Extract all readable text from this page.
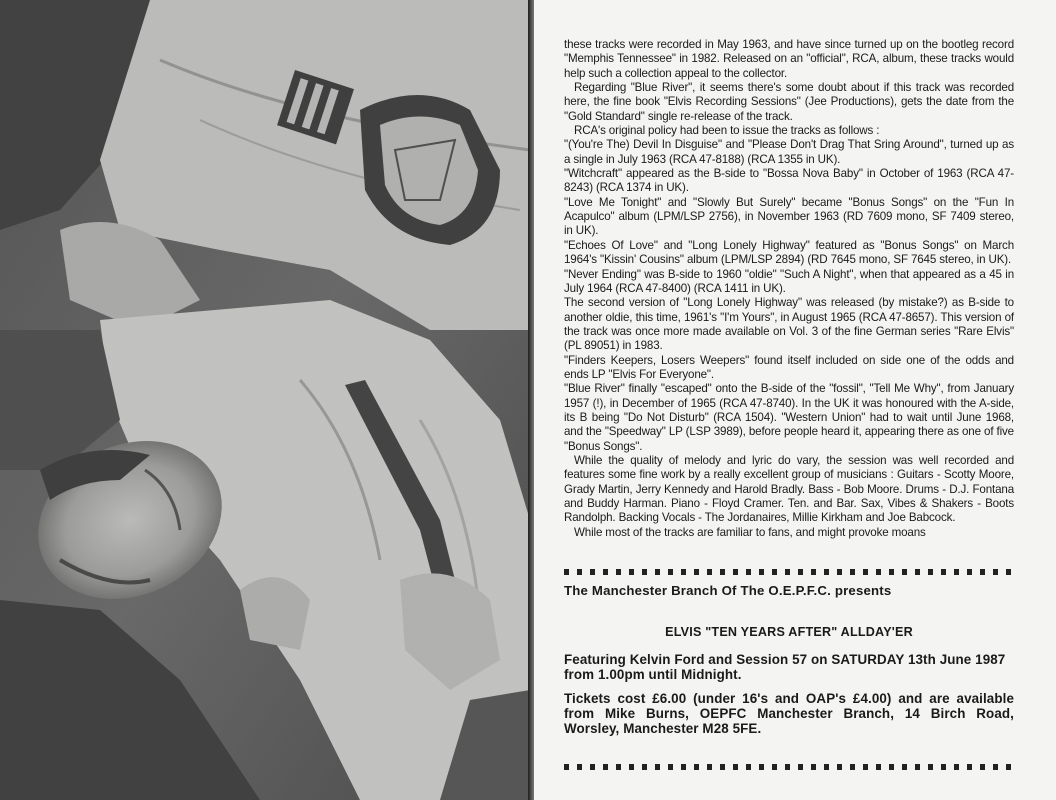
these tracks were recorded in May 1963, and have since turned up on the bootleg record "Memphis Tennessee" in 1982. Released on an "official", RCA, album, these tracks would help such a collection appeal to the collector.

Regarding "Blue River", it seems there's some doubt about if this track was recorded here, the fine book "Elvis Recording Sessions" (Jee Productions), gets the date from the "Gold Standard" single re-release of the track.

RCA's original policy had been to issue the tracks as follows :

"(You're The) Devil In Disguise" and "Please Don't Drag That Sring Around", turned up as a single in July 1963 (RCA 47-8188) (RCA 1355 in UK).

"Witchcraft" appeared as the B-side to "Bossa Nova Baby" in October of 1963 (RCA 47-8243) (RCA 1374 in UK).

"Love Me Tonight" and "Slowly But Surely" became "Bonus Songs" on the "Fun In Acapulco" album (LPM/LSP 2756), in November 1963 (RD 7609 mono, SF 7409 stereo, in UK).

"Echoes Of Love" and "Long Lonely Highway" featured as "Bonus Songs" on March 1964's "Kissin' Cousins" album (LPM/LSP 2894) (RD 7645 mono, SF 7645 stereo, in UK).

"Never Ending" was B-side to 1960 "oldie" "Such A Night", when that appeared as a 45 in July 1964 (RCA 47-8400) (RCA 1411 in UK).

The second version of "Long Lonely Highway" was released (by mistake?) as B-side to another oldie, this time, 1961's "I'm Yours", in August 1965 (RCA 47-8657). This version of the track was once more made available on Vol. 3 of the fine German series "Rare Elvis" (PL 89051) in 1983.

"Finders Keepers, Losers Weepers" found itself included on side one of the odds and ends LP "Elvis For Everyone".

"Blue River" finally "escaped" onto the B-side of the "fossil", "Tell Me Why", from January 1957 (!), in December of 1965 (RCA 47-8740). In the UK it was honoured with the A-side, its B being "Do Not Disturb" (RCA 1504). "Western Union" had to wait until June 1968, and the "Speedway" LP (LSP 3989), before people heard it, appearing there as one of five "Bonus Songs".

While the quality of melody and lyric do vary, the session was well recorded and features some fine work by a really excellent group of musicians : Guitars - Scotty Moore, Grady Martin, Jerry Kennedy and Harold Bradly. Bass - Bob Moore. Drums - D.J. Fontana and Buddy Harman. Piano - Floyd Cramer. Ten. and Bar. Sax, Vibes & Shakers - Boots Randolph. Backing Vocals - The Jordanaires, Millie Kirkham and Joe Babcock.

While most of the tracks are familiar to fans, and might provoke moans

The Manchester Branch Of The O.E.P.F.C. presents
ELVIS "TEN YEARS AFTER" ALLDAY'ER
Featuring Kelvin Ford and Session 57 on SATURDAY 13th June 1987 from 1.00pm until Midnight.
Tickets cost £6.00 (under 16's and OAP's £4.00) and are available from Mike Burns, OEPFC Manchester Branch, 14 Birch Road, Worsley, Manchester M28 5FE.
